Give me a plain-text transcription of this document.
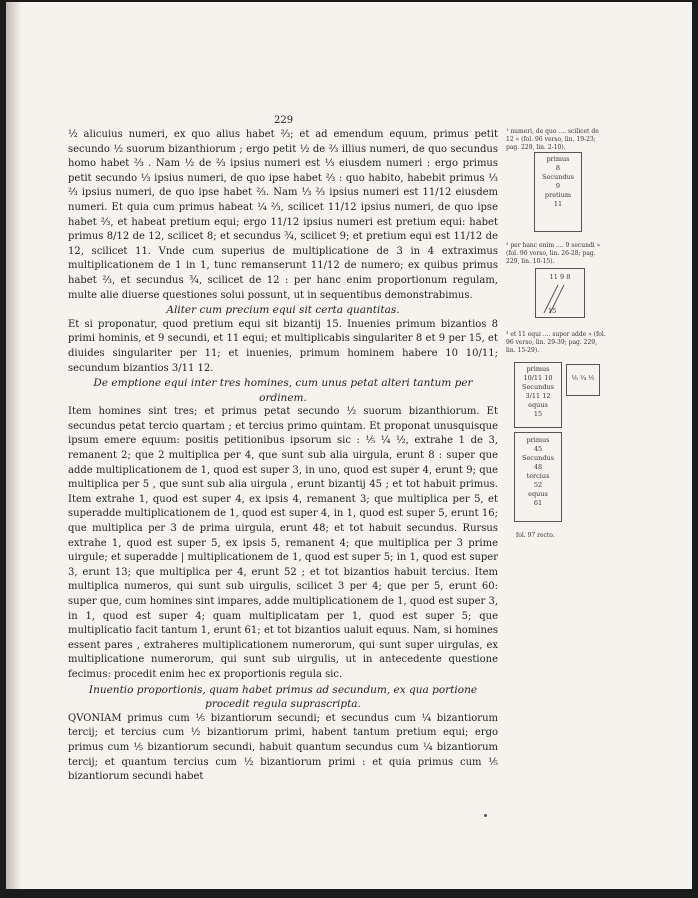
229

½ alicuius numeri, ex quo alius habet ⅔; et ad emendum equum, primus petit secundo ½ suorum bizanthiorum ; ergo petit ½ de ⅔ illius numeri, de quo secundus homo habet ⅔ . Nam ½ de ⅔ ipsius numeri est ⅓ eiusdem numeri : ergo primus petit secundo ⅓ ipsius numeri, de quo ipse habet ⅔ : quo habito, habebit primus ⅓ ⅔ ipsius numeri, de quo ipse habet ⅔. Nam ⅓ ⅔ ipsius numeri est 11/12 eiusdem numeri. Et quia cum primus habeat ¼ ⅔, scilicet 11/12 ipsius numeri, de quo ipse habet ⅔, et habeat pretium equi; ergo 11/12 ipsius numeri est pretium equi: habet primus 8/12 de 12, scilicet 8; et secundus ¾, scilicet 9; et pretium equi est 11/12 de 12, scilicet 11. Vnde cum superius de multiplicatione de 3 in 4 extraximus multiplicationem de 1 in 1, tunc remanserunt 11/12 de numero; ex quibus primus habet ⅔, et secundus ¾, scilicet de 12 : per hanc enim proportionum regulam, multe alie diuerse questiones solui possunt, ut in sequentibus demonstrabimus.

Aliter cum precium equi sit certa quantitas.

Et si proponatur, quod pretium equi sit bizantij 15. Inuenies primum bizantios 8 primi hominis, et 9 secundi, et 11 equi; et multiplicabis singulariter 8 et 9 per 15, et diuides singulariter per 11; et inuenies, primum hominem habere 10 10/11; secundum bizantios 3/11 12.

De emptione equi inter tres homines, cum unus petat alteri tantum per ordinem.

Item homines sint tres; et primus petat secundo ½ suorum bizanthiorum. Et secundus petat tercio quartam ; et tercius primo quintam. Et proponat unusquisque ipsum emere equum: positis petitionibus ipsorum sic : ⅕ ¼ ½, extrahe 1 de 3, remanent 2; que 2 multiplica per 4, que sunt sub alia uirgula, erunt 8 : super que adde multiplicationem de 1, quod est super 3, in uno, quod est super 4, erunt 9; que multiplica per 5 , que sunt sub alia uirgula , erunt bizantij 45 ; et tot habuit primus. Item extrahe 1, quod est super 4, ex ipsis 4, remanent 3; que multiplica per 5, et superadde multiplicationem de 1, quod est super 4, in 1, quod est super 5, erunt 16; que multiplica per 3 de prima uirgula, erunt 48; et tot habuit secundus. Rursus extrahe 1, quod est super 5, ex ipsis 5, remanent 4; que multiplica per 3 prime uirgule; et superadde | multiplicationem de 1, quod est super 5; in 1, quod est super 3, erunt 13; que multiplica per 4, erunt 52 ; et tot bizantios habuit tercius. Item multiplica numeros, qui sunt sub uirgulis, scilicet 3 per 4; que per 5, erunt 60: super que, cum homines sint impares, adde multiplicationem de 1, quod est super 3, in 1, quod est super 4; quam multiplicatam per 1, quod est super 5; que multiplicatio facit tantum 1, erunt 61; et tot bizantios ualuit equus. Nam, si homines essent pares , extraheres multiplicationem numerorum, qui sunt super uirgulas, ex multiplicatione numerorum, qui sunt sub uirgulis, ut in antecedente questione fecimus: procedit enim hec ex proportionis regula sic.

Inuentio proportionis, quam habet primus ad secundum, ex qua portione procedit regula suprascripta.

QVONIAM primus cum ⅕ bizantiorum secundi; et secundus cum ¼ bizantiorum tercij; et tercius cum ½ bizantiorum primi, habent tantum pretium equi; ergo primus cum ⅕ bizantiorum secundi, habuit quantum secundus cum ¼ bizantiorum tercij; et quantum tercius cum ½ bizantiorum primi : et quia primus cum ⅕ bizantiorum secundi habet

¹ numeri, de quo .... scilicet de 12 » (fol. 96 verso, lin. 19-23; pag. 229, lin. 2-10).
primus
8
Secundus
9
pretium
11
² per hanc enim .... 9 secundi » (fol. 96 verso, lin. 26-28; pag. 229, lin. 10-15).
11 9 8
15
³ et 11 equi .... super adde » (fol. 96 verso, lin. 29-39; pag. 229, lin. 15-29).
primus
10/11 10
Secundus
3/11 12
equus
15
⅕ ¼ ½
primus
45
Secundus
48
tercius
52
equus
61
fol. 97 recto.
